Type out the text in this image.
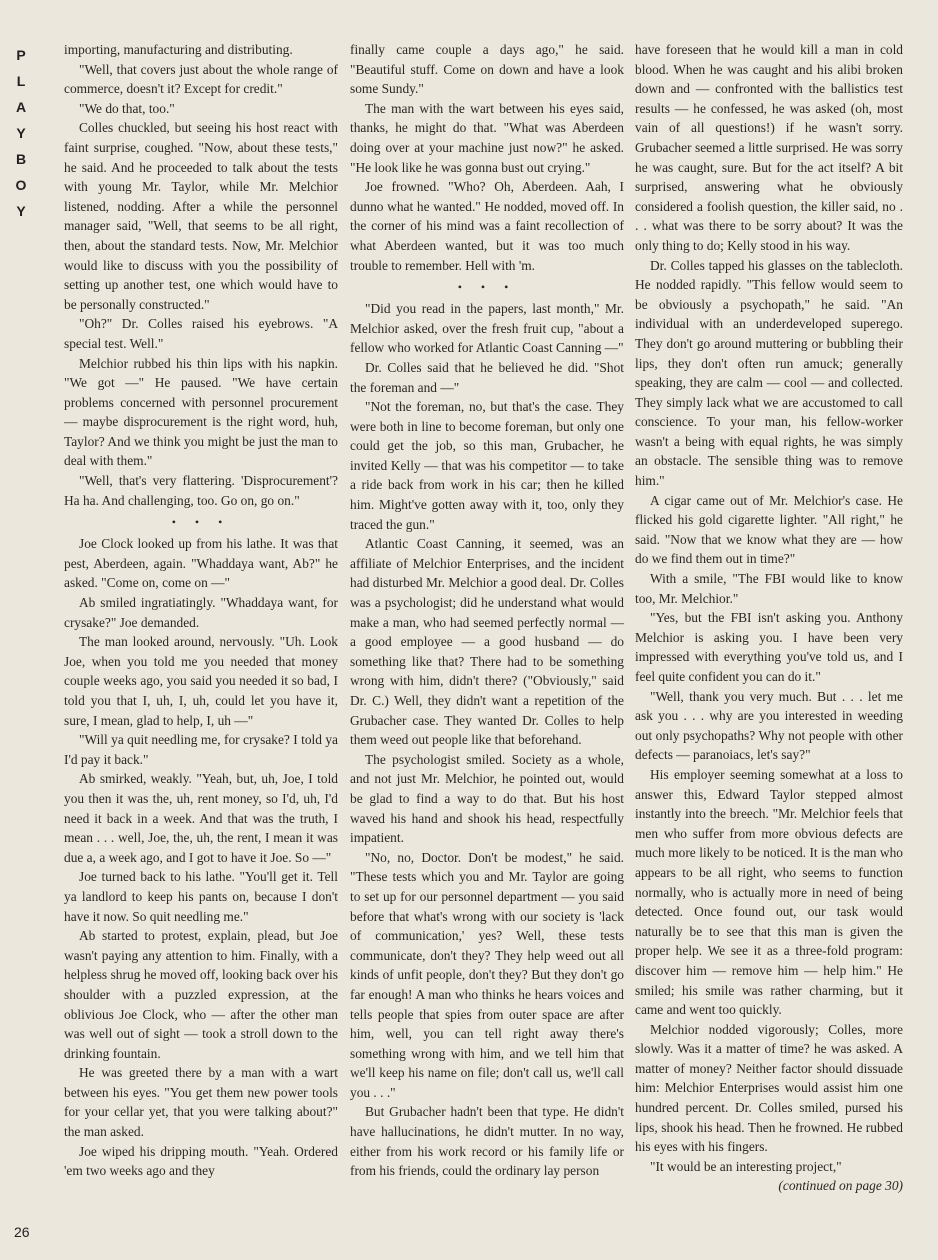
P
L
A
Y
B
O
Y

importing, manufacturing and distributing.

"Well, that covers just about the whole range of commerce, doesn't it? Except for credit."

"We do that, too."

Colles chuckled, but seeing his host react with faint surprise, coughed. "Now, about these tests," he said. And he proceeded to talk about the tests with young Mr. Taylor, while Mr. Melchior listened, nodding. After a while the personnel manager said, "Well, that seems to be all right, then, about the standard tests. Now, Mr. Melchior would like to discuss with you the possibility of setting up another test, one which would have to be personally constructed."

"Oh?" Dr. Colles raised his eyebrows. "A special test. Well."

Melchior rubbed his thin lips with his napkin. "We got —" He paused. "We have certain problems concerned with personnel procurement — maybe disprocurement is the right word, huh, Taylor? And we think you might be just the man to deal with them."

"Well, that's very flattering. 'Disprocurement'? Ha ha. And challenging, too. Go on, go on."

• • •

Joe Clock looked up from his lathe. It was that pest, Aberdeen, again. "Whaddaya want, Ab?" he asked. "Come on, come on —"

Ab smiled ingratiatingly. "Whaddaya want, for crysake?" Joe demanded.

The man looked around, nervously. "Uh. Look Joe, when you told me you needed that money couple weeks ago, you said you needed it so bad, I told you that I, uh, I, uh, could let you have it, sure, I mean, glad to help, I, uh —"

"Will ya quit needling me, for crysake? I told ya I'd pay it back."

Ab smirked, weakly. "Yeah, but, uh, Joe, I told you then it was the, uh, rent money, so I'd, uh, I'd need it back in a week. And that was the truth, I mean . . . well, Joe, the, uh, the rent, I mean it was due a, a week ago, and I got to have it Joe. So —"

Joe turned back to his lathe. "You'll get it. Tell ya landlord to keep his pants on, because I don't have it now. So quit needling me."

Ab started to protest, explain, plead, but Joe wasn't paying any attention to him. Finally, with a helpless shrug he moved off, looking back over his shoulder with a puzzled expression, at the oblivious Joe Clock, who — after the other man was well out of sight — took a stroll down to the drinking fountain.

He was greeted there by a man with a wart between his eyes. "You get them new power tools for your cellar yet, that you were talking about?" the man asked.

Joe wiped his dripping mouth. "Yeah. Ordered 'em two weeks ago and they

finally came couple a days ago," he said. "Beautiful stuff. Come on down and have a look some Sundy."

The man with the wart between his eyes said, thanks, he might do that. "What was Aberdeen doing over at your machine just now?" he asked. "He look like he was gonna bust out crying."

Joe frowned. "Who? Oh, Aberdeen. Aah, I dunno what he wanted." He nodded, moved off. In the corner of his mind was a faint recollection of what Aberdeen wanted, but it was too much trouble to remember. Hell with 'm.

• • •

"Did you read in the papers, last month," Mr. Melchior asked, over the fresh fruit cup, "about a fellow who worked for Atlantic Coast Canning —"

Dr. Colles said that he believed he did. "Shot the foreman and —"

"Not the foreman, no, but that's the case. They were both in line to become foreman, but only one could get the job, so this man, Grubacher, he invited Kelly — that was his competitor — to take a ride back from work in his car; then he killed him. Might've gotten away with it, too, only they traced the gun."

Atlantic Coast Canning, it seemed, was an affiliate of Melchior Enterprises, and the incident had disturbed Mr. Melchior a good deal. Dr. Colles was a psychologist; did he understand what would make a man, who had seemed perfectly normal — a good employee — a good husband — do something like that? There had to be something wrong with him, didn't there? ("Obviously," said Dr. C.) Well, they didn't want a repetition of the Grubacher case. They wanted Dr. Colles to help them weed out people like that beforehand.

The psychologist smiled. Society as a whole, and not just Mr. Melchior, he pointed out, would be glad to find a way to do that. But his host waved his hand and shook his head, respectfully impatient.

"No, no, Doctor. Don't be modest," he said. "These tests which you and Mr. Taylor are going to set up for our personnel department — you said before that what's wrong with our society is 'lack of communication,' yes? Well, these tests communicate, don't they? They help weed out all kinds of unfit people, don't they? But they don't go far enough! A man who thinks he hears voices and tells people that spies from outer space are after him, well, you can tell right away there's something wrong with him, and we tell him that we'll keep his name on file; don't call us, we'll call you . . ."

But Grubacher hadn't been that type. He didn't have hallucinations, he didn't mutter. In no way, either from his work record or his family life or from his friends, could the ordinary lay person

have foreseen that he would kill a man in cold blood. When he was caught and his alibi broken down and — confronted with the ballistics test results — he confessed, he was asked (oh, most vain of all questions!) if he wasn't sorry. Grubacher seemed a little surprised. He was sorry he was caught, sure. But for the act itself? A bit surprised, answering what he obviously considered a foolish question, the killer said, no . . . what was there to be sorry about? It was the only thing to do; Kelly stood in his way.

Dr. Colles tapped his glasses on the tablecloth. He nodded rapidly. "This fellow would seem to be obviously a psychopath," he said. "An individual with an underdeveloped superego. They don't go around muttering or bubbling their lips, they don't often run amuck; generally speaking, they are calm — cool — and collected. They simply lack what we are accustomed to call conscience. To your man, his fellow-worker wasn't a being with equal rights, he was simply an obstacle. The sensible thing was to remove him."

A cigar came out of Mr. Melchior's case. He flicked his gold cigarette lighter. "All right," he said. "Now that we know what they are — how do we find them out in time?"

With a smile, "The FBI would like to know too, Mr. Melchior."

"Yes, but the FBI isn't asking you. Anthony Melchior is asking you. I have been very impressed with everything you've told us, and I feel quite confident you can do it."

"Well, thank you very much. But . . . let me ask you . . . why are you interested in weeding out only psychopaths? Why not people with other defects — paranoiacs, let's say?"

His employer seeming somewhat at a loss to answer this, Edward Taylor stepped almost instantly into the breech. "Mr. Melchior feels that men who suffer from more obvious defects are much more likely to be noticed. It is the man who appears to be all right, who seems to function normally, who is actually more in need of being detected. Once found out, our task would naturally be to see that this man is given the proper help. We see it as a three-fold program: discover him — remove him — help him." He smiled; his smile was rather charming, but it came and went too quickly.

Melchior nodded vigorously; Colles, more slowly. Was it a matter of time? he was asked. A matter of money? Neither factor should dissuade him: Melchior Enterprises would assist him one hundred percent. Dr. Colles smiled, pursed his lips, shook his head. Then he frowned. He rubbed his eyes with his fingers.

"It would be an interesting project,"

(continued on page 30)

26
